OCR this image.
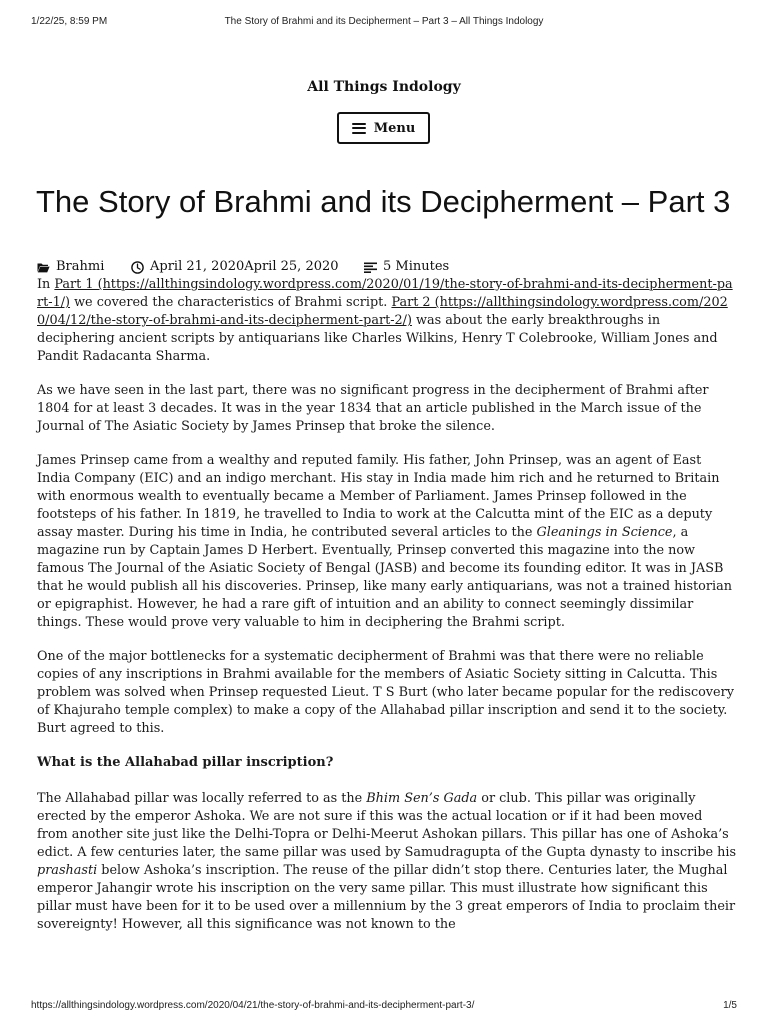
1/22/25, 8:59 PM	The Story of Brahmi and its Decipherment – Part 3 – All Things Indology
All Things Indology
Menu
The Story of Brahmi and its Decipherment – Part 3
Brahmi	April 21, 2020April 25, 2020	5 Minutes

In Part 1 (https://allthingsindology.wordpress.com/2020/01/19/the-story-of-brahmi-and-its-decipherment-part-1/) we covered the characteristics of Brahmi script. Part 2 (https://allthingsindology.wordpress.com/2020/04/12/the-story-of-brahmi-and-its-decipherment-part-2/) was about the early breakthroughs in deciphering ancient scripts by antiquarians like Charles Wilkins, Henry T Colebrooke, William Jones and Pandit Radacanta Sharma.

As we have seen in the last part, there was no significant progress in the decipherment of Brahmi after 1804 for at least 3 decades. It was in the year 1834 that an article published in the March issue of the Journal of The Asiatic Society by James Prinsep that broke the silence.

James Prinsep came from a wealthy and reputed family. His father, John Prinsep, was an agent of East India Company (EIC) and an indigo merchant. His stay in India made him rich and he returned to Britain with enormous wealth to eventually became a Member of Parliament. James Prinsep followed in the footsteps of his father. In 1819, he travelled to India to work at the Calcutta mint of the EIC as a deputy assay master. During his time in India, he contributed several articles to the Gleanings in Science, a magazine run by Captain James D Herbert. Eventually, Prinsep converted this magazine into the now famous The Journal of the Asiatic Society of Bengal (JASB) and become its founding editor. It was in JASB that he would publish all his discoveries. Prinsep, like many early antiquarians, was not a trained historian or epigraphist. However, he had a rare gift of intuition and an ability to connect seemingly dissimilar things. These would prove very valuable to him in deciphering the Brahmi script.

One of the major bottlenecks for a systematic decipherment of Brahmi was that there were no reliable copies of any inscriptions in Brahmi available for the members of Asiatic Society sitting in Calcutta. This problem was solved when Prinsep requested Lieut. T S Burt (who later became popular for the rediscovery of Khajuraho temple complex) to make a copy of the Allahabad pillar inscription and send it to the society. Burt agreed to this.

What is the Allahabad pillar inscription?

The Allahabad pillar was locally referred to as the Bhim Sen’s Gada or club. This pillar was originally erected by the emperor Ashoka. We are not sure if this was the actual location or if it had been moved from another site just like the Delhi-Topra or Delhi-Meerut Ashokan pillars. This pillar has one of Ashoka’s edict. A few centuries later, the same pillar was used by Samudragupta of the Gupta dynasty to inscribe his prashasti below Ashoka’s inscription. The reuse of the pillar didn’t stop there. Centuries later, the Mughal emperor Jahangir wrote his inscription on the very same pillar. This must illustrate how significant this pillar must have been for it to be used over a millennium by the 3 great emperors of India to proclaim their sovereignty! However, all this significance was not known to the

https://allthingsindology.wordpress.com/2020/04/21/the-story-of-brahmi-and-its-decipherment-part-3/	1/5
